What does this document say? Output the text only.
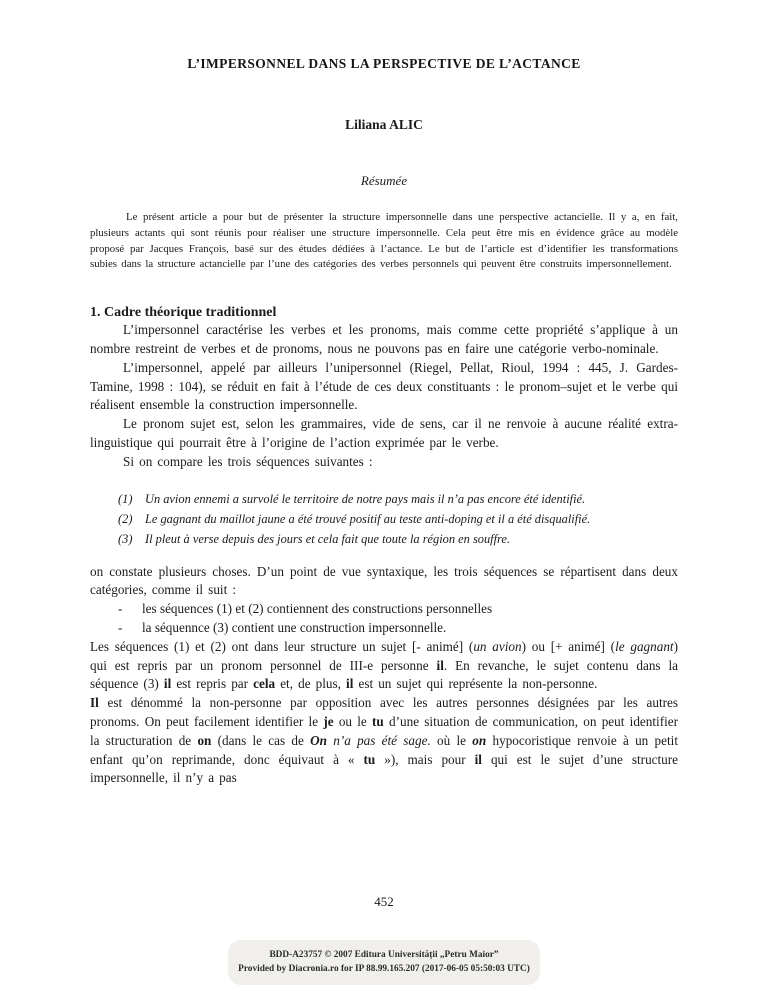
L’IMPERSONNEL DANS LA PERSPECTIVE DE L’ACTANCE
Liliana ALIC
Résumée

Le présent article a pour but de présenter la structure impersonnelle dans une perspective actancielle. Il y a, en fait, plusieurs actants qui sont réunis pour réaliser une structure impersonnelle. Cela peut être mis en évidence grâce au modèle proposé par Jacques François, basé sur des études dédiées à l’actance. Le but de l’article est d’identifier les transformations subies dans la structure actancielle par l’une des catégories des verbes personnels qui peuvent être construits impersonnellement.

1. Cadre théorique traditionnel

L’impersonnel caractérise les verbes et les pronoms, mais comme cette propriété s’applique à un nombre restreint de verbes et de pronoms, nous ne pouvons pas en faire une catégorie verbo-nominale.

L’impersonnel, appelé par ailleurs l’unipersonnel (Riegel, Pellat, Rioul, 1994 : 445, J. Gardes-Tamine, 1998 : 104), se réduit en fait à l’étude de ces deux constituants : le pronom–sujet et le verbe qui réalisent ensemble la construction impersonnelle.

Le pronom sujet est, selon les grammaires, vide de sens, car il ne renvoie à aucune réalité extra-linguistique qui pourrait être à l’origine de l’action exprimée par le verbe.

Si on compare les trois séquences suivantes :

(1)	Un avion ennemi a survolé le territoire de notre pays mais il n’a pas encore été identifié.
(2)	Le gagnant du maillot jaune a été trouvé positif au teste anti-doping et il a été disqualifié.
(3)	Il pleut à verse depuis des jours et cela fait que toute la région en souffre.

on constate plusieurs choses. D’un point de vue syntaxique, les trois séquences se répartisent dans deux catégories, comme il suit :

-	les séquences (1) et (2) contiennent des constructions personnelles
-	la séquennce (3) contient une construction impersonnelle.

Les séquences (1) et (2) ont dans leur structure un sujet [- animé] (un avion) ou [+ animé] (le gagnant) qui est repris par un pronom personnel de III-e personne il. En revanche, le sujet contenu dans la séquence (3) il est repris par cela et, de plus, il est un sujet qui représente la non-personne.

Il est dénommé la non-personne par opposition avec les autres personnes désignées par les autres pronoms. On peut facilement identifier le je ou le tu d’une situation de communication, on peut identifier la structuration de on (dans le cas de On n’a pas été sage. où le on hypocoristique renvoie à un petit enfant qu’on reprimande, donc équivaut à « tu »), mais pour il qui est le sujet d’une structure impersonnelle, il n’y a pas

452
BDD-A23757 © 2007 Editura Universității „Petru Maior”
Provided by Diacronia.ro for IP 88.99.165.207 (2017-06-05 05:50:03 UTC)
